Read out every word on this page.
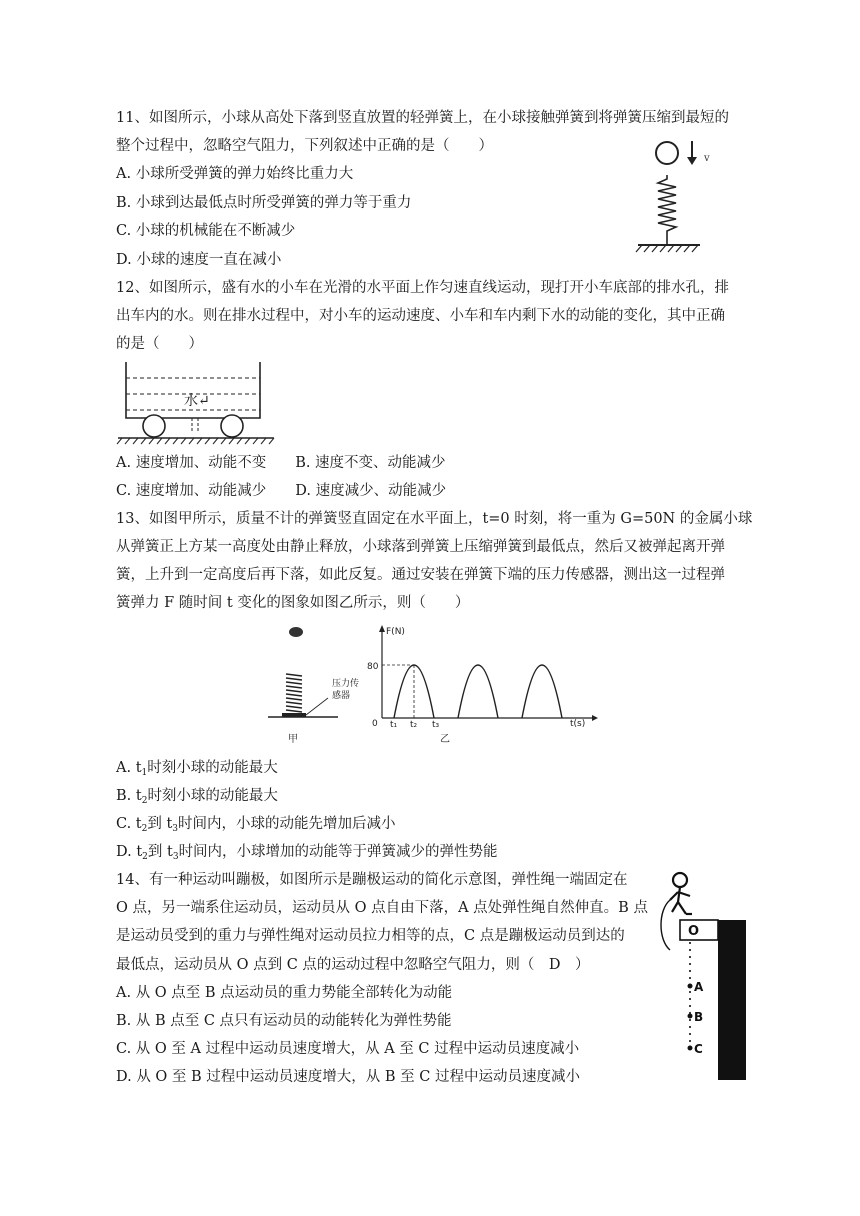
11、如图所示，小球从高处下落到竖直放置的轻弹簧上，在小球接触弹簧到将弹簧压缩到最短的
整个过程中，忽略空气阻力，下列叙述中正确的是（　　）
A. 小球所受弹簧的弹力始终比重力大
B. 小球到达最低点时所受弹簧的弹力等于重力
C. 小球的机械能在不断减少
D. 小球的速度一直在减小
v
12、如图所示，盛有水的小车在光滑的水平面上作匀速直线运动，现打开小车底部的排水孔，排
出车内的水。则在排水过程中，对小车的运动速度、小车和车内剩下水的动能的变化，其中正确
的是（　　）
水↵
A. 速度增加、动能不变　　B. 速度不变、动能减少
C. 速度增加、动能减少　　D. 速度减少、动能减少
13、如图甲所示，质量不计的弹簧竖直固定在水平面上，t=0 时刻，将一重为 G=50N 的金属小球
从弹簧正上方某一高度处由静止释放，小球落到弹簧上压缩弹簧到最低点，然后又被弹起离开弹
簧，上升到一定高度后再下落，如此反复。通过安装在弹簧下端的压力传感器，测出这一过程弹
簧弹力 F 随时间 t 变化的图象如图乙所示，则（　　）
压力传
感器
甲
F(N)
80
0 t₁ t₂ t₃	t(s)
乙
A. $t_1$时刻小球的动能最大
B. $t_2$时刻小球的动能最大
C. $t_2$到 $t_3$时间内，小球的动能先增加后减小
D. $t_2$到 $t_3$时间内，小球增加的动能等于弹簧减少的弹性势能
14、有一种运动叫蹦极，如图所示是蹦极运动的简化示意图，弹性绳一端固定在
O 点，另一端系住运动员，运动员从 O 点自由下落，A 点处弹性绳自然伸直。B 点
是运动员受到的重力与弹性绳对运动员拉力相等的点，C 点是蹦极运动员到达的
最低点，运动员从 O 点到 C 点的运动过程中忽略空气阻力，则（　D　）
A. 从 O 点至 B 点运动员的重力势能全部转化为动能
B. 从 B 点至 C 点只有运动员的动能转化为弹性势能
C. 从 O 至 A 过程中运动员速度增大，从 A 至 C 过程中运动员速度减小
D. 从 O 至 B 过程中运动员速度增大，从 B 至 C 过程中运动员速度减小
O
A
B
C
